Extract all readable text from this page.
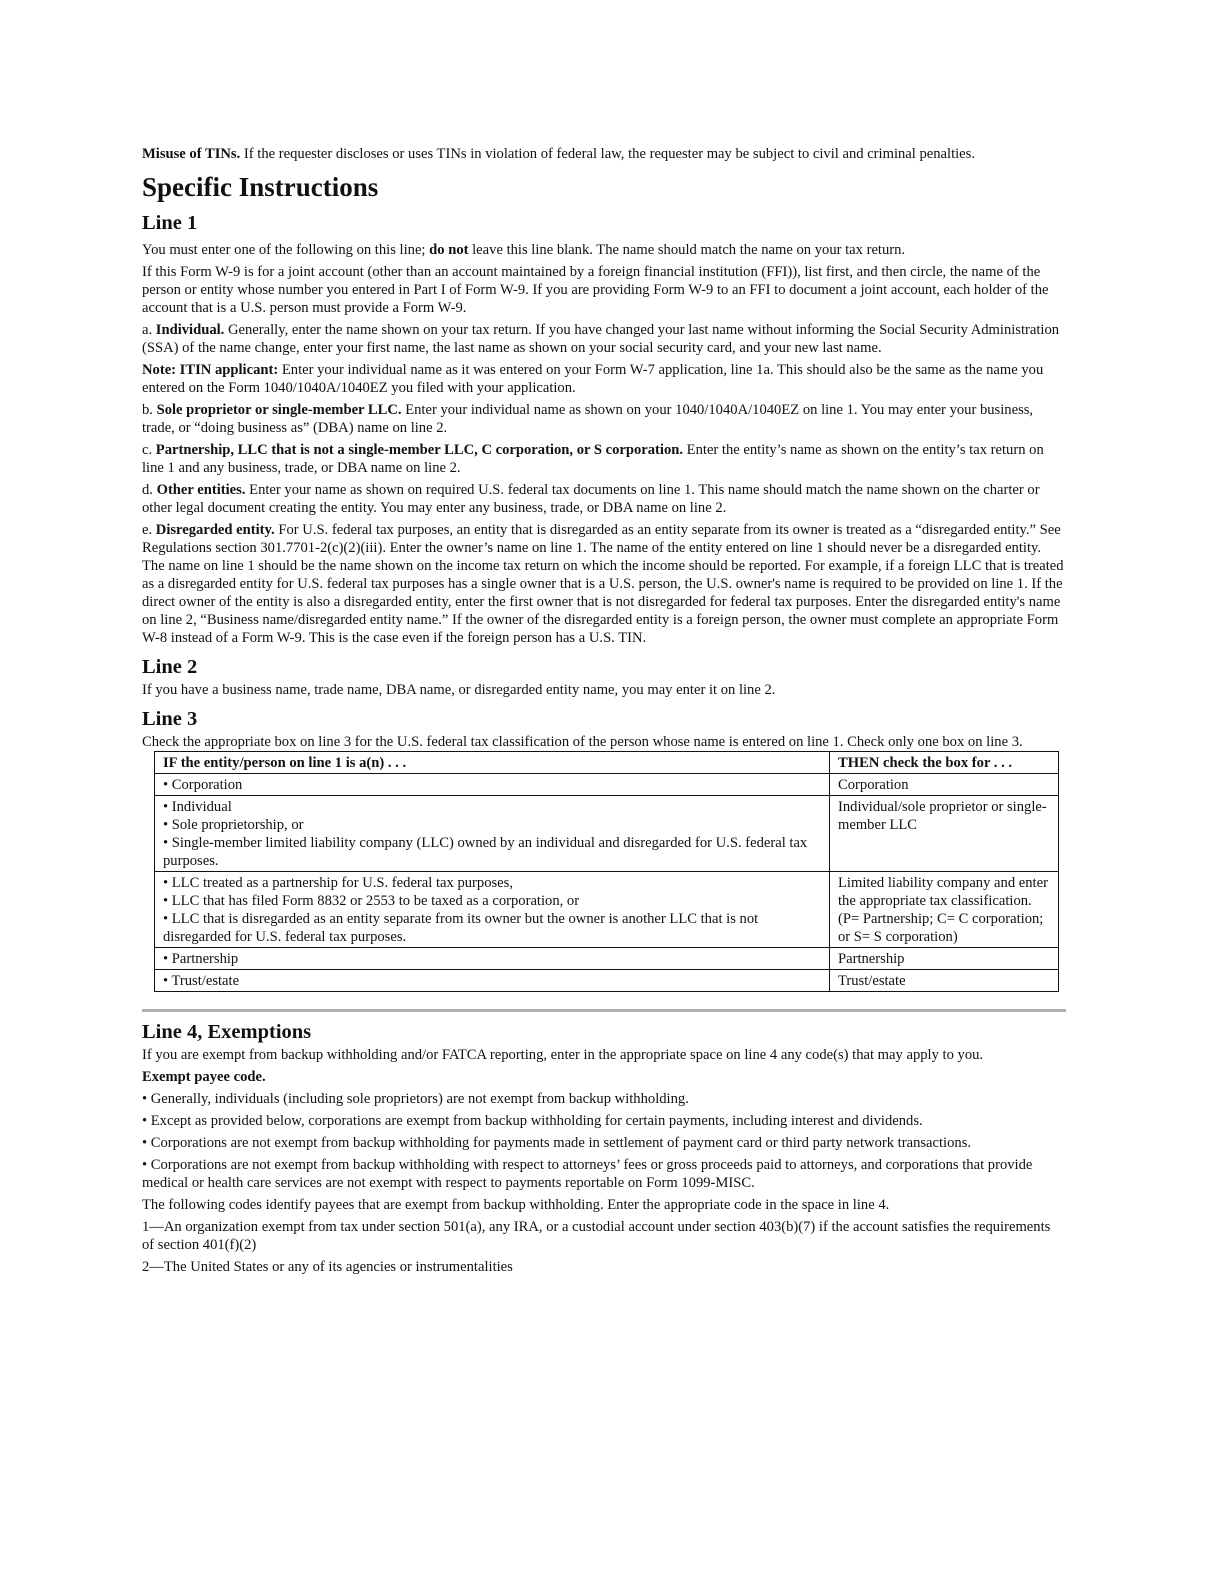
Misuse of TINs. If the requester discloses or uses TINs in violation of federal law, the requester may be subject to civil and criminal penalties.

Specific Instructions
Line 1

You must enter one of the following on this line; do not leave this line blank. The name should match the name on your tax return.

If this Form W-9 is for a joint account (other than an account maintained by a foreign financial institution (FFI)), list first, and then circle, the name of the person or entity whose number you entered in Part I of Form W-9. If you are providing Form W-9 to an FFI to document a joint account, each holder of the account that is a U.S. person must provide a Form W-9.

a. Individual. Generally, enter the name shown on your tax return. If you have changed your last name without informing the Social Security Administration (SSA) of the name change, enter your first name, the last name as shown on your social security card, and your new last name.

Note: ITIN applicant: Enter your individual name as it was entered on your Form W-7 application, line 1a. This should also be the same as the name you entered on the Form 1040/1040A/1040EZ you filed with your application.

b. Sole proprietor or single-member LLC. Enter your individual name as shown on your 1040/1040A/1040EZ on line 1. You may enter your business, trade, or “doing business as” (DBA) name on line 2.

c. Partnership, LLC that is not a single-member LLC, C corporation, or S corporation. Enter the entity’s name as shown on the entity’s tax return on line 1 and any business, trade, or DBA name on line 2.

d. Other entities. Enter your name as shown on required U.S. federal tax documents on line 1. This name should match the name shown on the charter or other legal document creating the entity. You may enter any business, trade, or DBA name on line 2.

e. Disregarded entity. For U.S. federal tax purposes, an entity that is disregarded as an entity separate from its owner is treated as a “disregarded entity.” See Regulations section 301.7701-2(c)(2)(iii). Enter the owner’s name on line 1. The name of the entity entered on line 1 should never be a disregarded entity. The name on line 1 should be the name shown on the income tax return on which the income should be reported. For example, if a foreign LLC that is treated as a disregarded entity for U.S. federal tax purposes has a single owner that is a U.S. person, the U.S. owner's name is required to be provided on line 1. If the direct owner of the entity is also a disregarded entity, enter the first owner that is not disregarded for federal tax purposes. Enter the disregarded entity's name on line 2, “Business name/disregarded entity name.” If the owner of the disregarded entity is a foreign person, the owner must complete an appropriate Form W-8 instead of a Form W-9. This is the case even if the foreign person has a U.S. TIN.

Line 2

If you have a business name, trade name, DBA name, or disregarded entity name, you may enter it on line 2.

Line 3

Check the appropriate box on line 3 for the U.S. federal tax classification of the person whose name is entered on line 1. Check only one box on line 3.

IF the entity/person on line 1 is a(n) . . .	THEN check the box for . . .

• Corporation	Corporation

• Individual
• Sole proprietorship, or
• Single-member limited liability company (LLC) owned by an individual and disregarded for U.S. federal tax purposes.	Individual/sole proprietor or single-member LLC

• LLC treated as a partnership for U.S. federal tax purposes,
• LLC that has filed Form 8832 or 2553 to be taxed as a corporation, or
• LLC that is disregarded as an entity separate from its owner but the owner is another LLC that is not disregarded for U.S. federal tax purposes.	Limited liability company and enter the appropriate tax classification. (P= Partnership; C= C corporation; or S= S corporation)

• Partnership	Partnership

• Trust/estate	Trust/estate
Line 4, Exemptions

If you are exempt from backup withholding and/or FATCA reporting, enter in the appropriate space on line 4 any code(s) that may apply to you.

Exempt payee code.

• Generally, individuals (including sole proprietors) are not exempt from backup withholding.

• Except as provided below, corporations are exempt from backup withholding for certain payments, including interest and dividends.

• Corporations are not exempt from backup withholding for payments made in settlement of payment card or third party network transactions.

• Corporations are not exempt from backup withholding with respect to attorneys’ fees or gross proceeds paid to attorneys, and corporations that provide medical or health care services are not exempt with respect to payments reportable on Form 1099-MISC.

The following codes identify payees that are exempt from backup withholding. Enter the appropriate code in the space in line 4.

1—An organization exempt from tax under section 501(a), any IRA, or a custodial account under section 403(b)(7) if the account satisfies the requirements of section 401(f)(2)

2—The United States or any of its agencies or instrumentalities
